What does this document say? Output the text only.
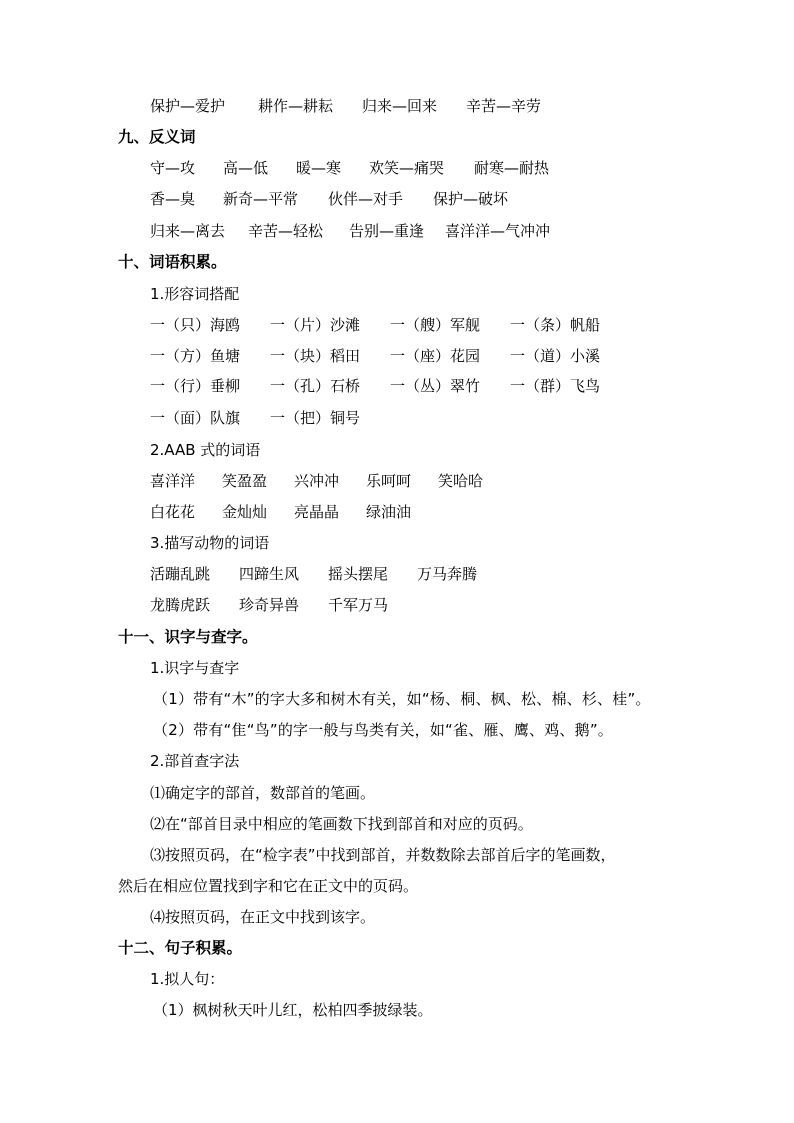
保护—爱护 耕作—耕耘 归来—回来 辛苦—辛劳
九、反义词
守—攻 高—低 暖—寒 欢笑—痛哭 耐寒—耐热
香—臭 新奇—平常 伙伴—对手 保护—破坏
归来—离去 辛苦—轻松 告别—重逢 喜洋洋—气冲冲
十、词语积累。
1.形容词搭配
一（只）海鸥 一（片）沙滩 一（艘）军舰 一（条）帆船
一（方）鱼塘 一（块）稻田 一（座）花园 一（道）小溪
一（行）垂柳 一（孔）石桥 一（丛）翠竹 一（群）飞鸟
一（面）队旗 一（把）铜号
2.AAB 式的词语
喜洋洋 笑盈盈 兴冲冲 乐呵呵 笑哈哈
白花花 金灿灿 亮晶晶 绿油油
3.描写动物的词语
活蹦乱跳 四蹄生风 摇头摆尾 万马奔腾
龙腾虎跃 珍奇异兽 千军万马
十一、识字与查字。
1.识字与查字
（1）带有“木”的字大多和树木有关，如“杨、桐、枫、松、棉、杉、桂”。
（2）带有“隹“鸟”的字一般与鸟类有关，如“雀、雁、鹰、鸡、鹅”。
2.部首查字法
⑴确定字的部首，数部首的笔画。
⑵在“部首目录中相应的笔画数下找到部首和对应的页码。
⑶按照页码，在“检字表”中找到部首，并数数除去部首后字的笔画数，
然后在相应位置找到字和它在正文中的页码。
⑷按照页码，在正文中找到该字。
十二、句子积累。
1.拟人句：
（1）枫树秋天叶儿红，松柏四季披绿装。
